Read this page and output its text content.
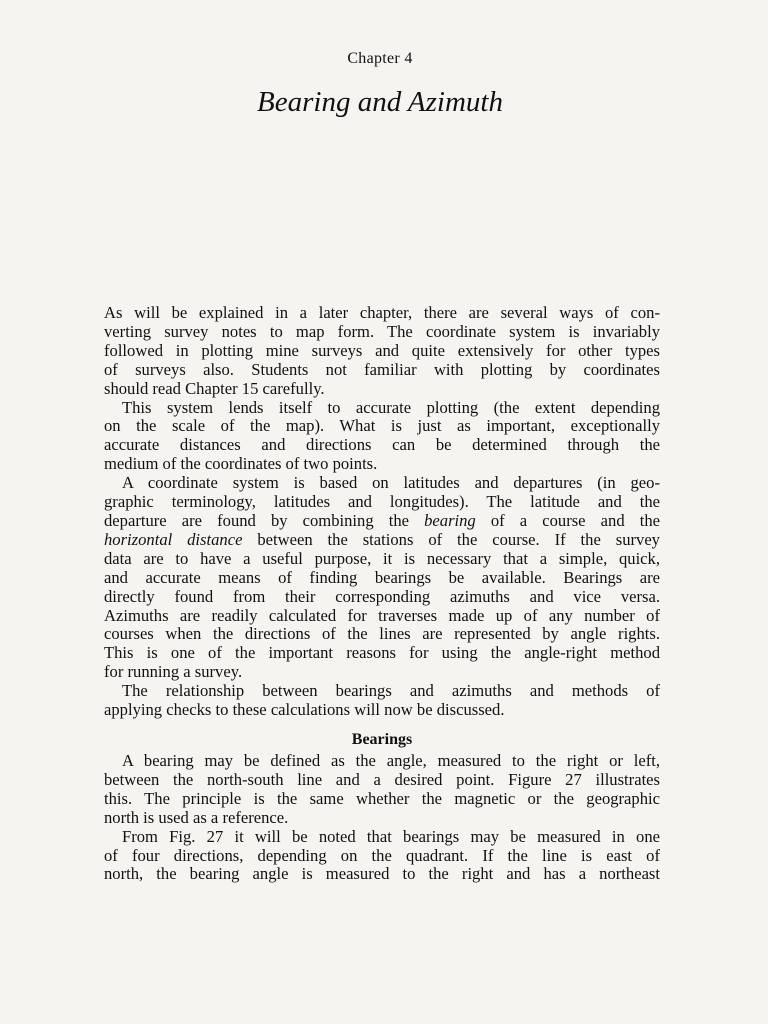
Chapter 4
Bearing and Azimuth
As will be explained in a later chapter, there are several ways of con-
verting survey notes to map form. The coordinate system is invariably
followed in plotting mine surveys and quite extensively for other types
of surveys also. Students not familiar with plotting by coordinates
should read Chapter 15 carefully.
This system lends itself to accurate plotting (the extent depending
on the scale of the map). What is just as important, exceptionally
accurate distances and directions can be determined through the
medium of the coordinates of two points.
A coordinate system is based on latitudes and departures (in geo-
graphic terminology, latitudes and longitudes). The latitude and the
departure are found by combining the bearing of a course and the
horizontal distance between the stations of the course. If the survey
data are to have a useful purpose, it is necessary that a simple, quick,
and accurate means of finding bearings be available. Bearings are
directly found from their corresponding azimuths and vice versa.
Azimuths are readily calculated for traverses made up of any number of
courses when the directions of the lines are represented by angle rights.
This is one of the important reasons for using the angle-right method
for running a survey.
The relationship between bearings and azimuths and methods of
applying checks to these calculations will now be discussed.
Bearings
A bearing may be defined as the angle, measured to the right or left,
between the north-south line and a desired point. Figure 27 illustrates
this. The principle is the same whether the magnetic or the geographic
north is used as a reference.
From Fig. 27 it will be noted that bearings may be measured in one
of four directions, depending on the quadrant. If the line is east of
north, the bearing angle is measured to the right and has a northeast
